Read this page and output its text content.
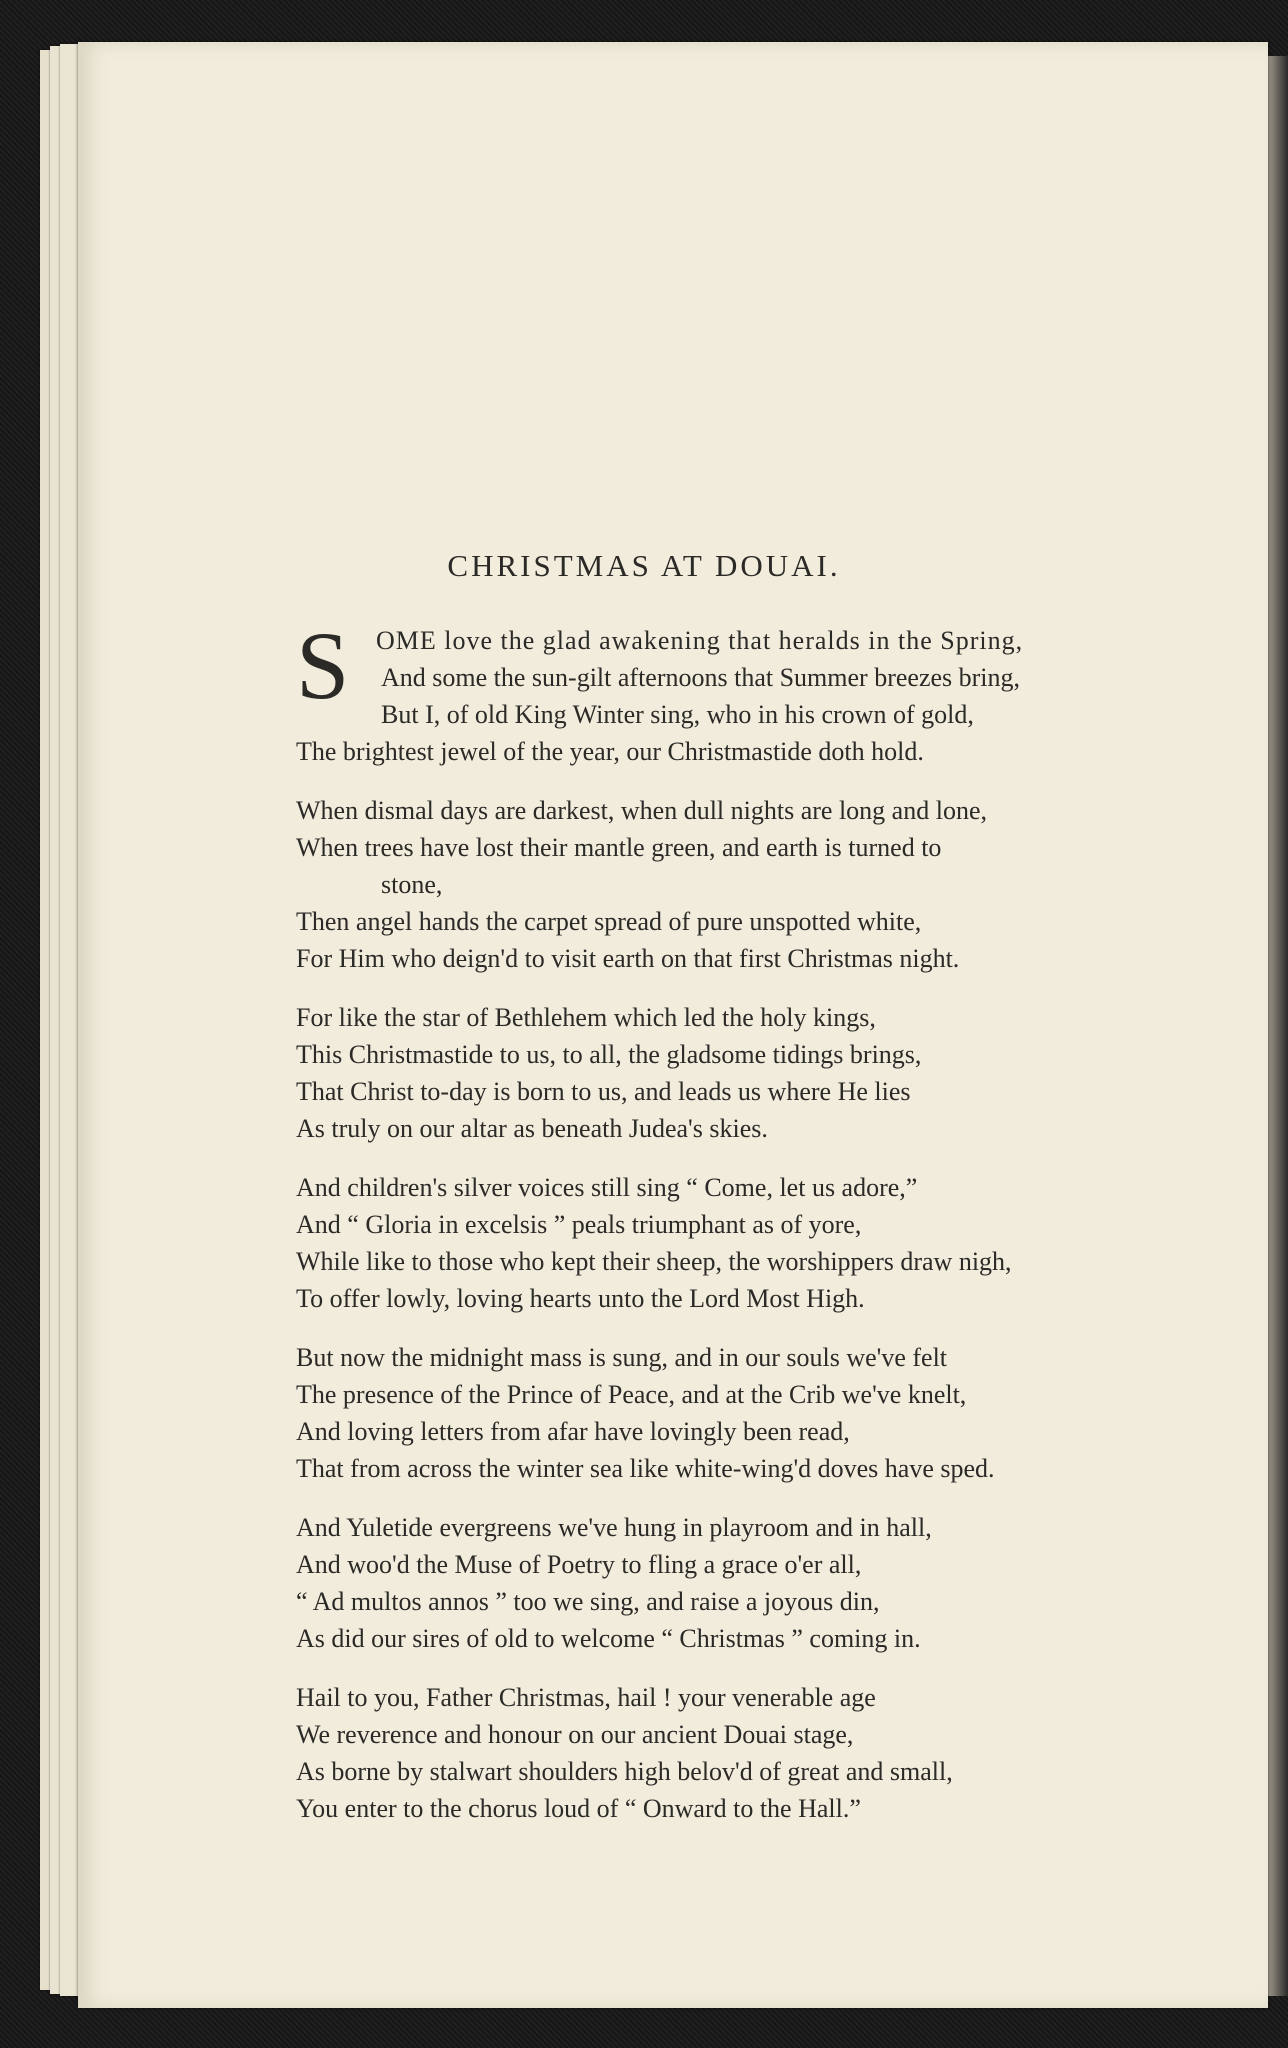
CHRISTMAS AT DOUAI.
S	OME love the glad awakening that heralds in the Spring,
And some the sun-gilt afternoons that Summer breezes bring,
But I, of old King Winter sing, who in his crown of gold,
The brightest jewel of the year, our Christmastide doth hold.
When dismal days are darkest, when dull nights are long and lone,
When trees have lost their mantle green, and earth is turned to
stone,
Then angel hands the carpet spread of pure unspotted white,
For Him who deign'd to visit earth on that first Christmas night.
For like the star of Bethlehem which led the holy kings,
This Christmastide to us, to all, the gladsome tidings brings,
That Christ to-day is born to us, and leads us where He lies
As truly on our altar as beneath Judea's skies.
And children's silver voices still sing “ Come, let us adore,”
And “ Gloria in excelsis ” peals triumphant as of yore,
While like to those who kept their sheep, the worshippers draw nigh,
To offer lowly, loving hearts unto the Lord Most High.
But now the midnight mass is sung, and in our souls we've felt
The presence of the Prince of Peace, and at the Crib we've knelt,
And loving letters from afar have lovingly been read,
That from across the winter sea like white-wing'd doves have sped.
And Yuletide evergreens we've hung in playroom and in hall,
And woo'd the Muse of Poetry to fling a grace o'er all,
“ Ad multos annos ” too we sing, and raise a joyous din,
As did our sires of old to welcome “ Christmas ” coming in.
Hail to you, Father Christmas, hail ! your venerable age
We reverence and honour on our ancient Douai stage,
As borne by stalwart shoulders high belov'd of great and small,
You enter to the chorus loud of “ Onward to the Hall.”
